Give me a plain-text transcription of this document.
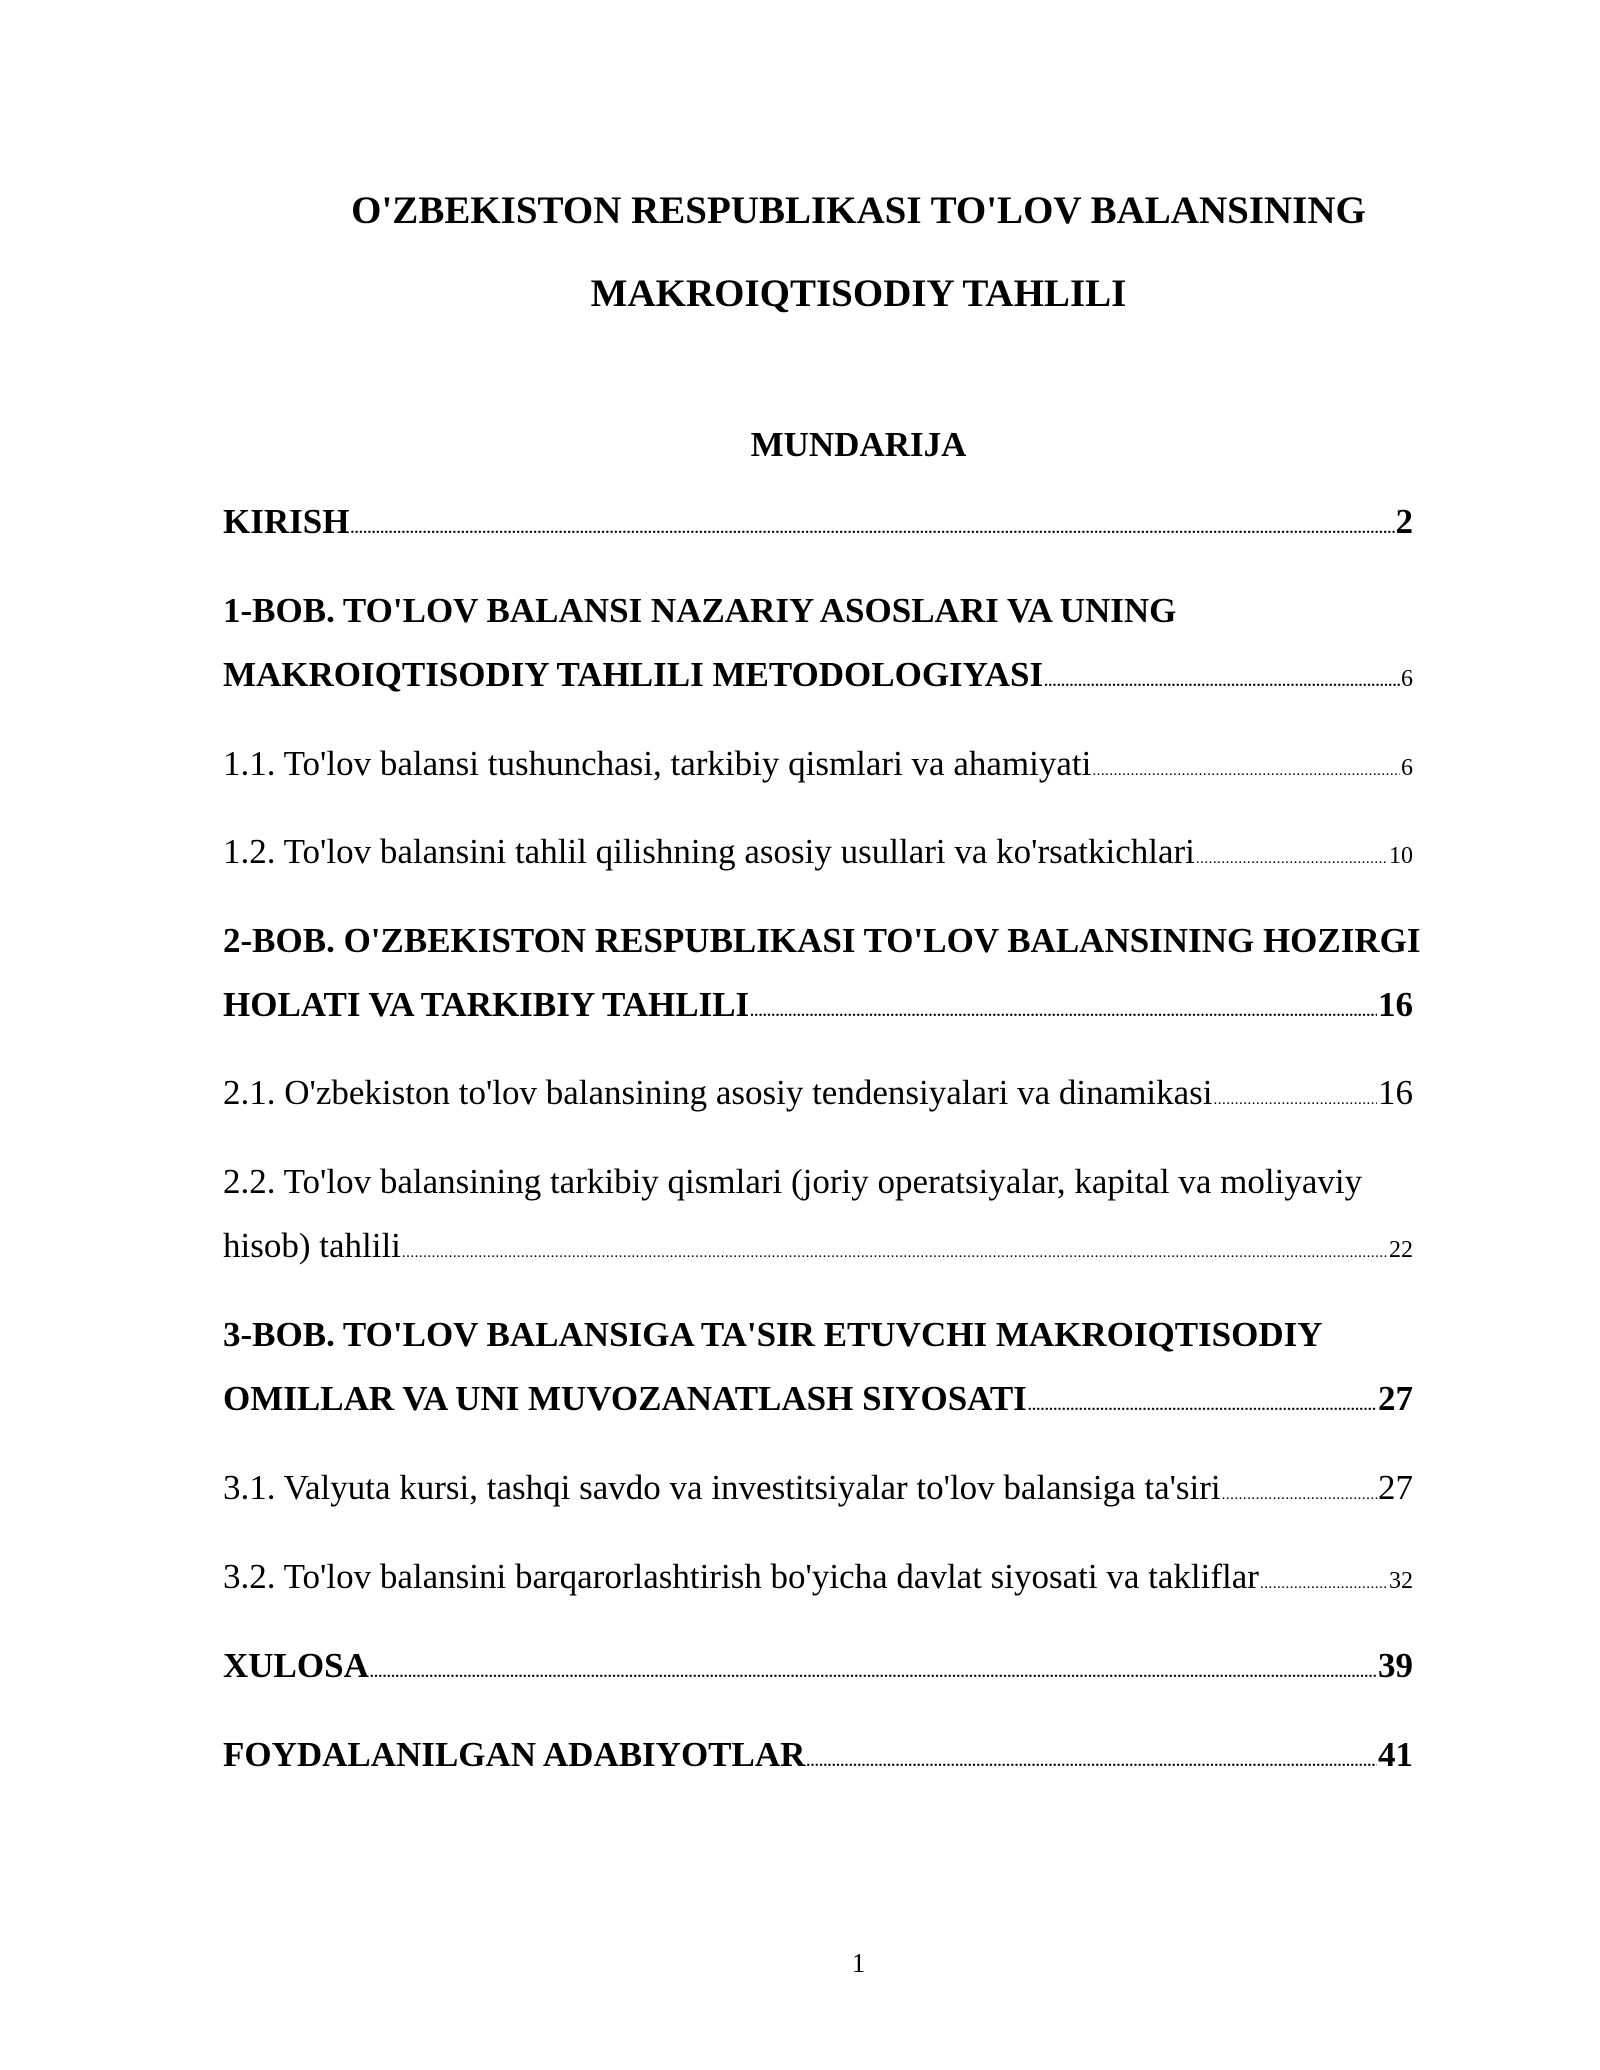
O'ZBEKISTON RESPUBLIKASI TO'LOV BALANSINING
MAKROIQTISODIY TAHLILI
MUNDARIJA
KIRISH .....	2
1-BOB. TO'LOV BALANSI NAZARIY ASOSLARI VA UNING
MAKROIQTISODIY TAHLILI METODOLOGIYASI .....	6
1.1. To'lov balansi tushunchasi, tarkibiy qismlari va ahamiyati .....	6
1.2. To'lov balansini tahlil qilishning asosiy usullari va ko'rsatkichlari .....	10
2-BOB. O'ZBEKISTON RESPUBLIKASI TO'LOV BALANSINING HOZIRGI
HOLATI VA TARKIBIY TAHLILI .....	16
2.1. O'zbekiston to'lov balansining asosiy tendensiyalari va dinamikasi .....	16
2.2. To'lov balansining tarkibiy qismlari (joriy operatsiyalar, kapital va moliyaviy
hisob) tahlili .....	22
3-BOB. TO'LOV BALANSIGA TA'SIR ETUVCHI MAKROIQTISODIY
OMILLAR VA UNI MUVOZANATLASH SIYOSATI .....	27
3.1. Valyuta kursi, tashqi savdo va investitsiyalar to'lov balansiga ta'siri .....	27
3.2. To'lov balansini barqarorlashtirish bo'yicha davlat siyosati va takliflar .....	32
XULOSA .....	39
FOYDALANILGAN ADABIYOTLAR .....	41
1
